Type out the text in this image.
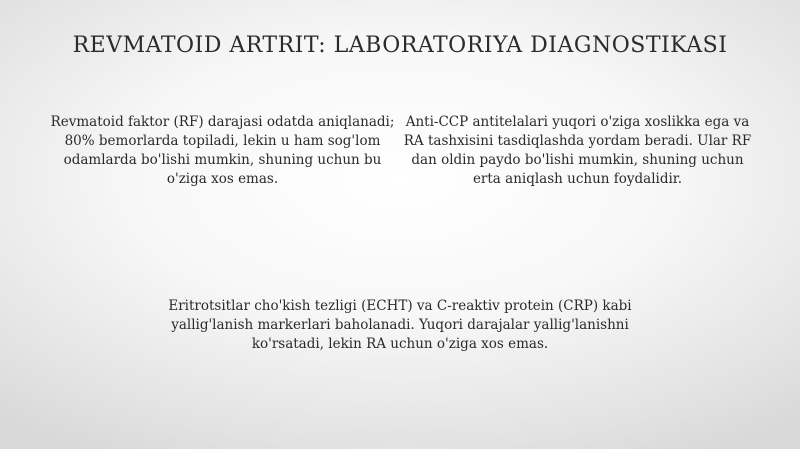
REVMATOID ARTRIT: LABORATORIYA DIAGNOSTIKASI
Revmatoid faktor (RF) darajasi odatda aniqlanadi; 80% bemorlarda topiladi, lekin u ham sog'lom odamlarda bo'lishi mumkin, shuning uchun bu o'ziga xos emas.
Anti-CCP antitelalari yuqori o'ziga xoslikka ega va RA tashxisini tasdiqlashda yordam beradi. Ular RF dan oldin paydo bo'lishi mumkin, shuning uchun erta aniqlash uchun foydalidir.
Eritrotsitlar cho'kish tezligi (ECHT) va C-reaktiv protein (CRP) kabi yallig'lanish markerlari baholanadi. Yuqori darajalar yallig'lanishni ko'rsatadi, lekin RA uchun o'ziga xos emas.
